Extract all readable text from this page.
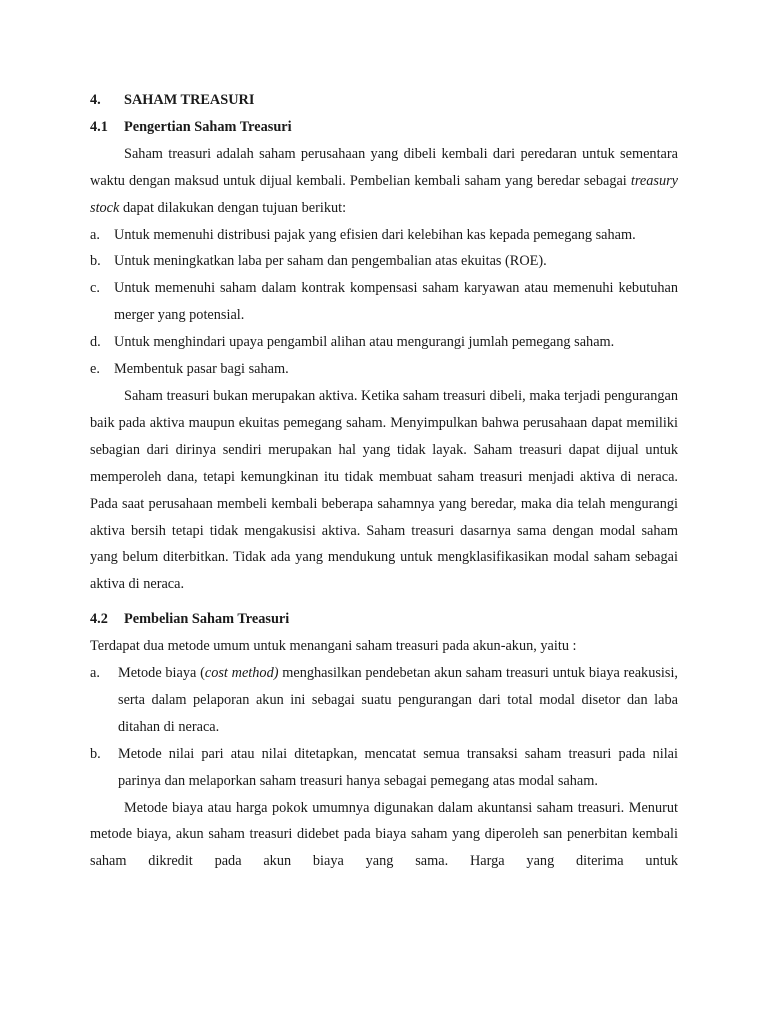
4.	SAHAM TREASURI
4.1	Pengertian Saham Treasuri

Saham treasuri adalah saham perusahaan yang dibeli kembali dari peredaran untuk sementara waktu dengan maksud untuk dijual kembali. Pembelian kembali saham yang beredar sebagai treasury stock dapat dilakukan dengan tujuan berikut:

a. Untuk memenuhi distribusi pajak yang efisien dari kelebihan kas kepada pemegang saham.
b. Untuk meningkatkan laba per saham dan pengembalian atas ekuitas (ROE).
c. Untuk memenuhi saham dalam kontrak kompensasi saham karyawan atau memenuhi kebutuhan merger yang potensial.
d. Untuk menghindari upaya pengambil alihan atau mengurangi jumlah pemegang saham.
e. Membentuk pasar bagi saham.

Saham treasuri bukan merupakan aktiva. Ketika saham treasuri dibeli, maka terjadi pengurangan baik pada aktiva maupun ekuitas pemegang saham. Menyimpulkan bahwa perusahaan dapat memiliki sebagian dari dirinya sendiri merupakan hal yang tidak layak. Saham treasuri dapat dijual untuk memperoleh dana, tetapi kemungkinan itu tidak membuat saham treasuri menjadi aktiva di neraca. Pada saat perusahaan membeli kembali beberapa sahamnya yang beredar, maka dia telah mengurangi aktiva bersih tetapi tidak mengakusisi aktiva. Saham treasuri dasarnya sama dengan modal saham yang belum diterbitkan. Tidak ada yang mendukung untuk mengklasifikasikan modal saham sebagai aktiva di neraca.

4.2	Pembelian Saham Treasuri

Terdapat dua metode umum untuk menangani saham treasuri pada akun-akun, yaitu :

a.	Metode biaya (cost method) menghasilkan pendebetan akun saham treasuri untuk biaya reakusisi, serta dalam pelaporan akun ini sebagai suatu pengurangan dari total modal disetor dan laba ditahan di neraca.
b.	Metode nilai pari atau nilai ditetapkan, mencatat semua transaksi saham treasuri pada nilai parinya dan melaporkan saham treasuri hanya sebagai pemegang atas modal saham.

Metode biaya atau harga pokok umumnya digunakan dalam akuntansi saham treasuri. Menurut metode biaya, akun saham treasuri didebet pada biaya saham yang diperoleh san penerbitan kembali saham dikredit pada akun biaya yang sama. Harga yang diterima untuk
